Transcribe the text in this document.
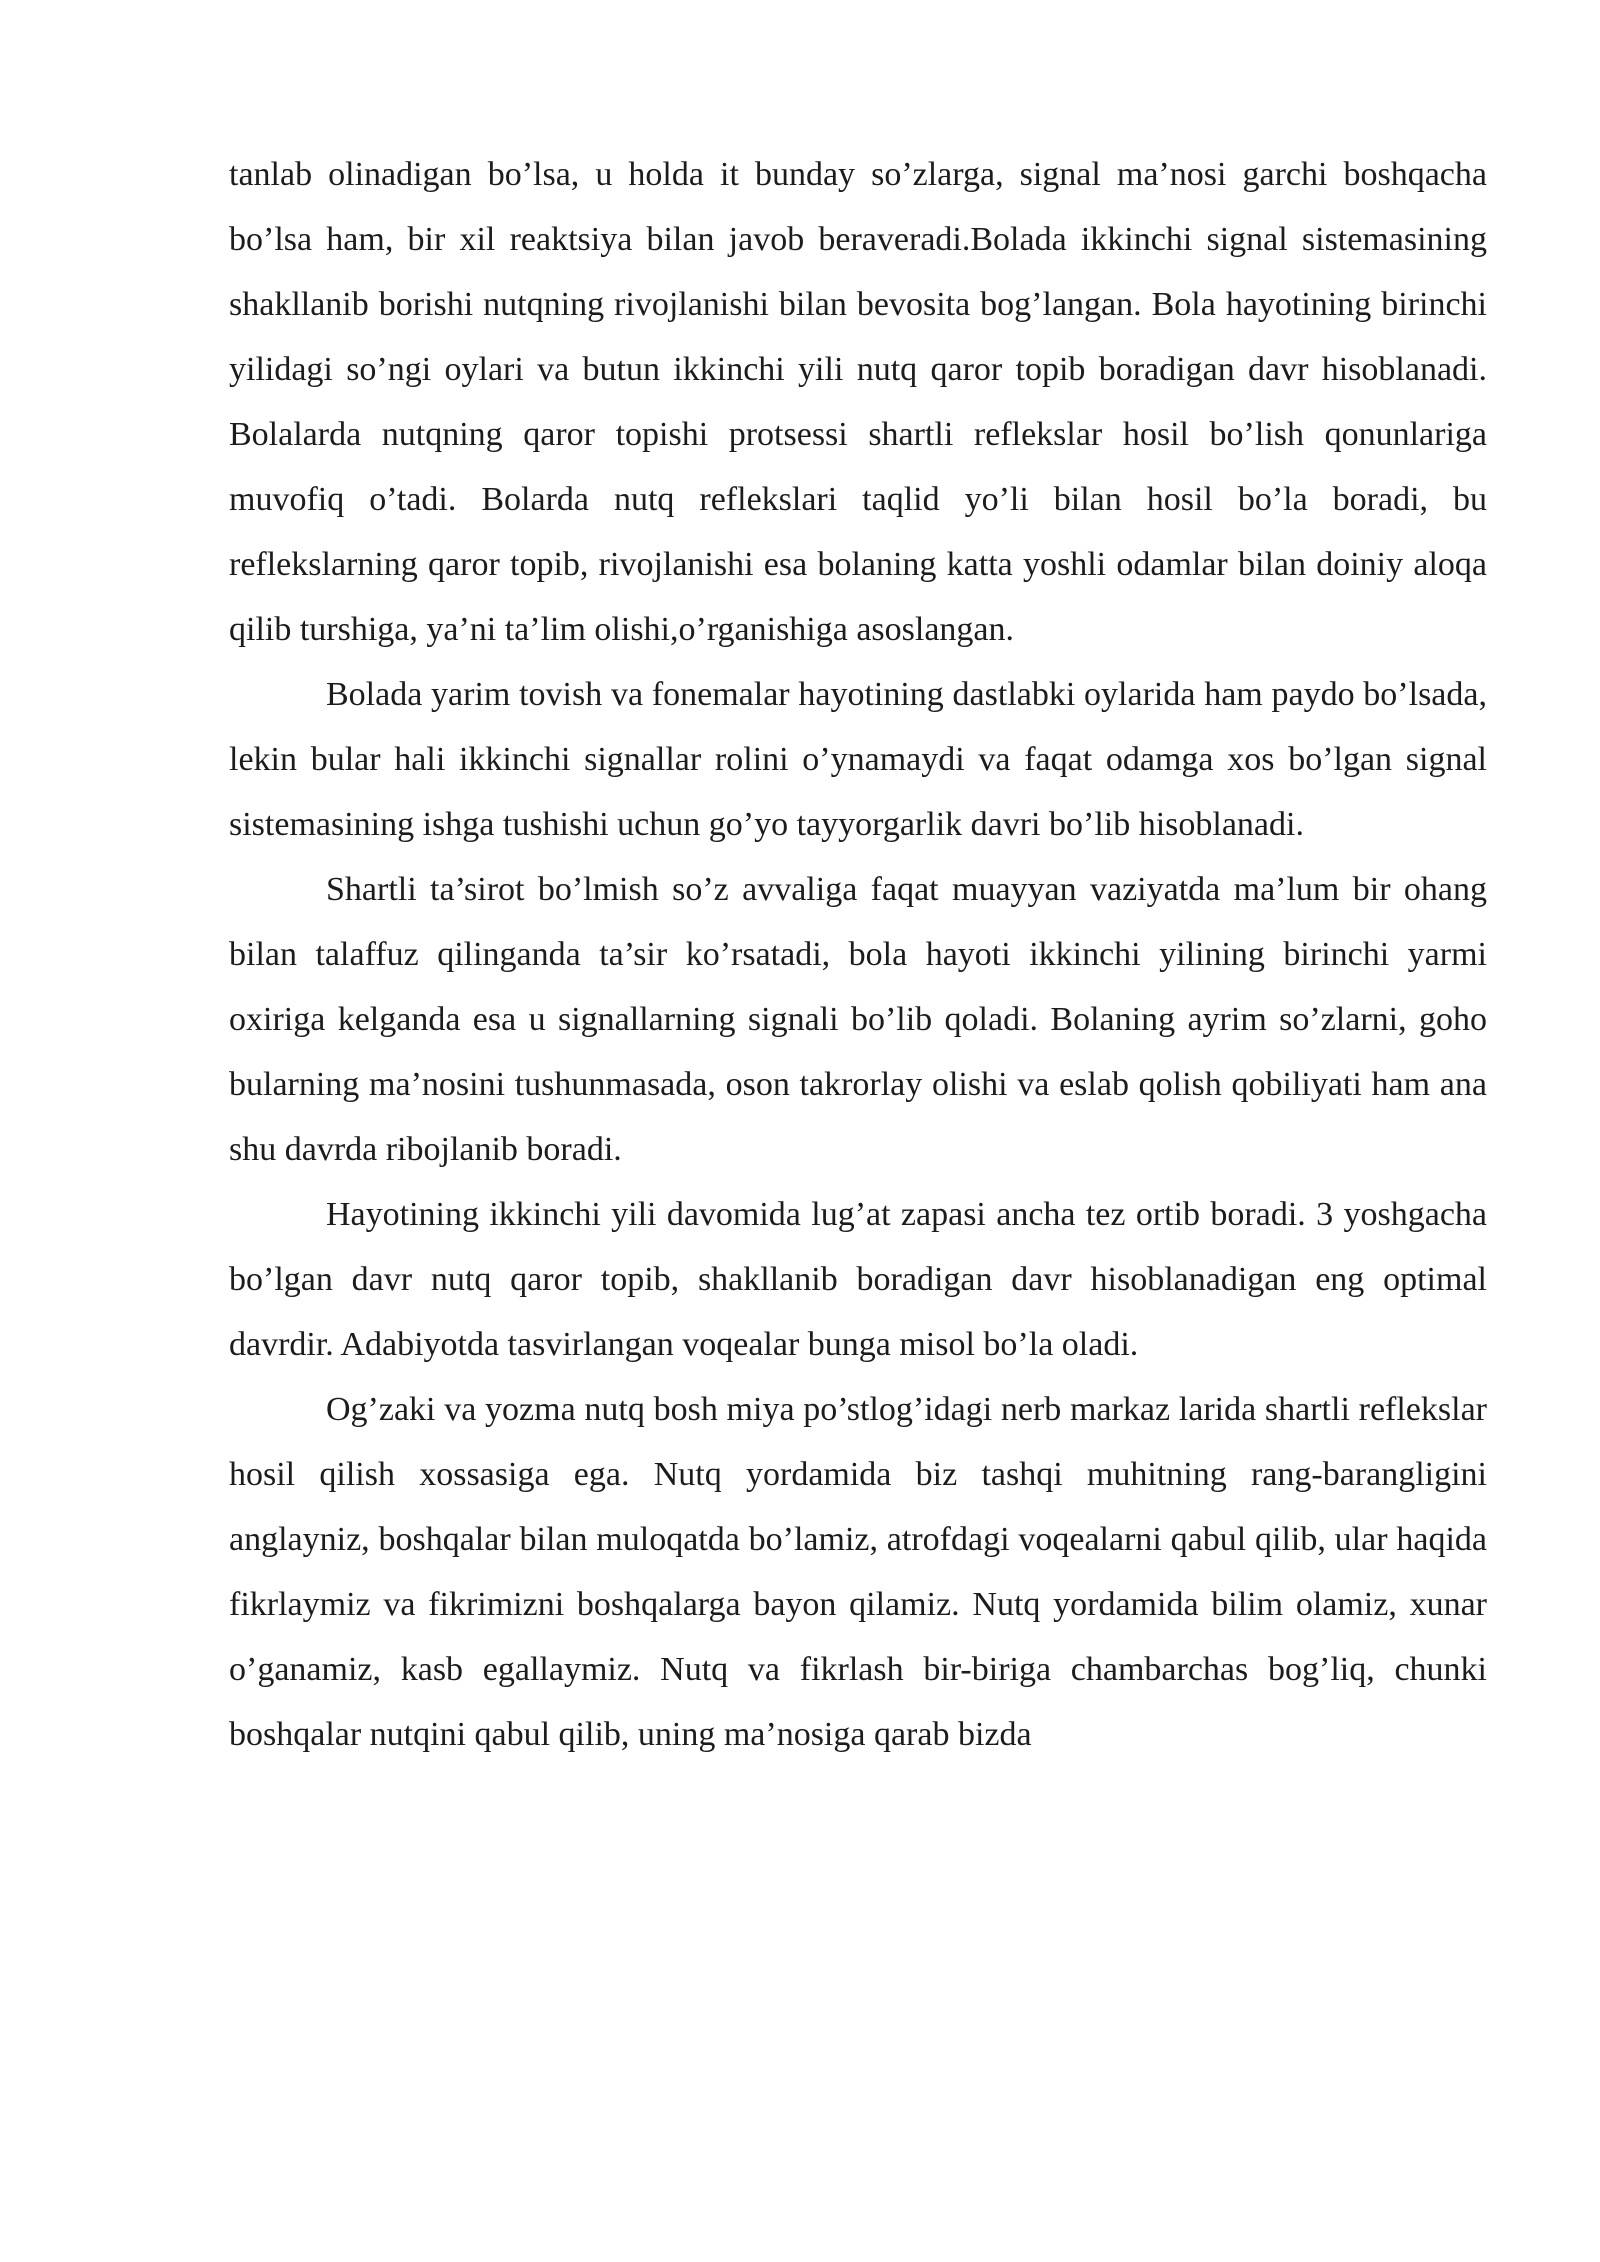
tanlab olinadigan bo’lsa, u holda it bunday so’zlarga, signal ma’nosi garchi boshqacha bo’lsa ham, bir xil reaktsiya bilan javob beraveradi.Bolada ikkinchi signal sistemasining shakllanib borishi nutqning rivojlanishi bilan bevosita bog’langan. Bola hayotining birinchi yilidagi so’ngi oylari va butun ikkinchi yili nutq qaror topib boradigan davr hisoblanadi. Bolalarda nutqning qaror topishi protsessi shartli reflekslar hosil bo’lish qonunlariga muvofiq o’tadi. Bolarda nutq reflekslari taqlid yo’li bilan hosil bo’la boradi, bu reflekslarning qaror topib, rivojlanishi esa bolaning katta yoshli odamlar bilan doiniy aloqa qilib turshiga, ya’ni ta’lim olishi,o’rganishiga asoslangan.

Bolada yarim tovish va fonemalar hayotining dastlabki oylarida ham paydo bo’lsada, lekin bular hali ikkinchi signallar rolini o’ynamaydi va faqat odamga xos bo’lgan signal sistemasining ishga tushishi uchun go’yo tayyorgarlik davri bo’lib hisoblanadi.

Shartli ta’sirot bo’lmish so’z avvaliga faqat muayyan vaziyatda ma’lum bir ohang bilan talaffuz qilinganda ta’sir ko’rsatadi, bola hayoti ikkinchi yilining birinchi yarmi oxiriga kelganda esa u signallarning signali bo’lib qoladi. Bolaning ayrim so’zlarni, goho bularning ma’nosini tushunmasada, oson takrorlay olishi va eslab qolish qobiliyati ham ana shu davrda ribojlanib boradi.

Hayotining ikkinchi yili davomida lug’at zapasi ancha tez ortib boradi. 3 yoshgacha bo’lgan davr nutq qaror topib, shakllanib boradigan davr hisoblanadigan eng optimal davrdir. Adabiyotda tasvirlangan voqealar bunga misol bo’la oladi.

Og’zaki va yozma nutq bosh miya po’stlog’idagi nerb markaz larida shartli reflekslar hosil qilish xossasiga ega. Nutq yordamida biz tashqi muhitning rang-barangligini anglayniz, boshqalar bilan muloqatda bo’lamiz, atrofdagi voqealarni qabul qilib, ular haqida fikrlaymiz va fikrimizni boshqalarga bayon qilamiz. Nutq yordamida bilim olamiz, xunar o’ganamiz, kasb egallaymiz. Nutq va fikrlash bir-biriga chambarchas bog’liq, chunki boshqalar nutqini qabul qilib, uning ma’nosiga qarab bizda
